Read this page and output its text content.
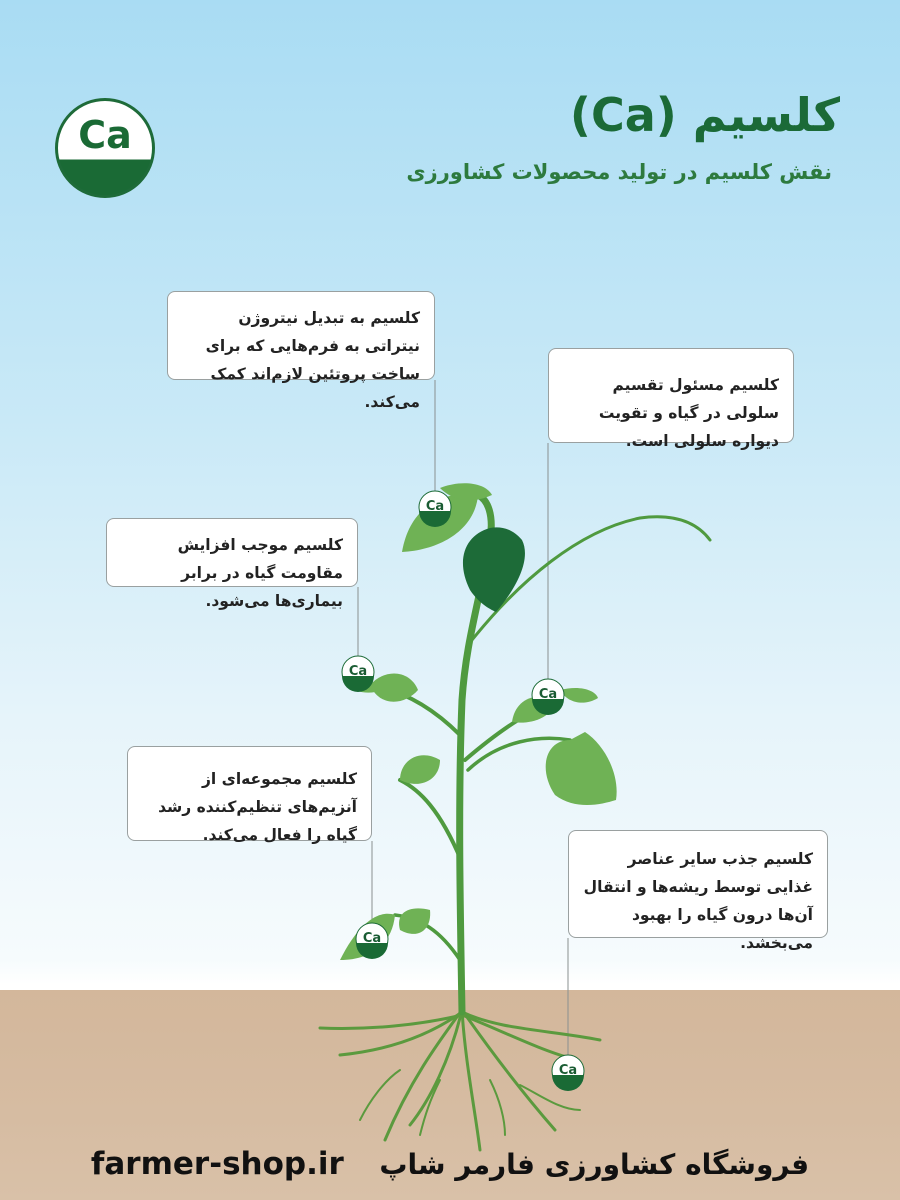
Ca	کلسیم (Ca)
نقش کلسیم در تولید محصولات کشاورزی
Ca
Ca
Ca
Ca
Ca
کلسیم به تبدیل نیتروژن نیتراتی به فرم‌هایی که برای ساخت پروتئین لازم‌اند کمک می‌کند.
کلسیم مسئول تقسیم سلولی در گیاه و تقویت دیواره سلولی است.
کلسیم موجب افزایش مقاومت گیاه در برابر بیماری‌ها می‌شود.
کلسیم مجموعه‌ای از آنزیم‌های تنظیم‌کننده رشد گیاه را فعال می‌کند.
کلسیم جذب سایر عناصر غذایی توسط ریشه‌ها و انتقال آن‌ها درون گیاه را بهبود می‌بخشد.
farmer-shop.ir فروشگاه کشاورزی فارمر شاپ
